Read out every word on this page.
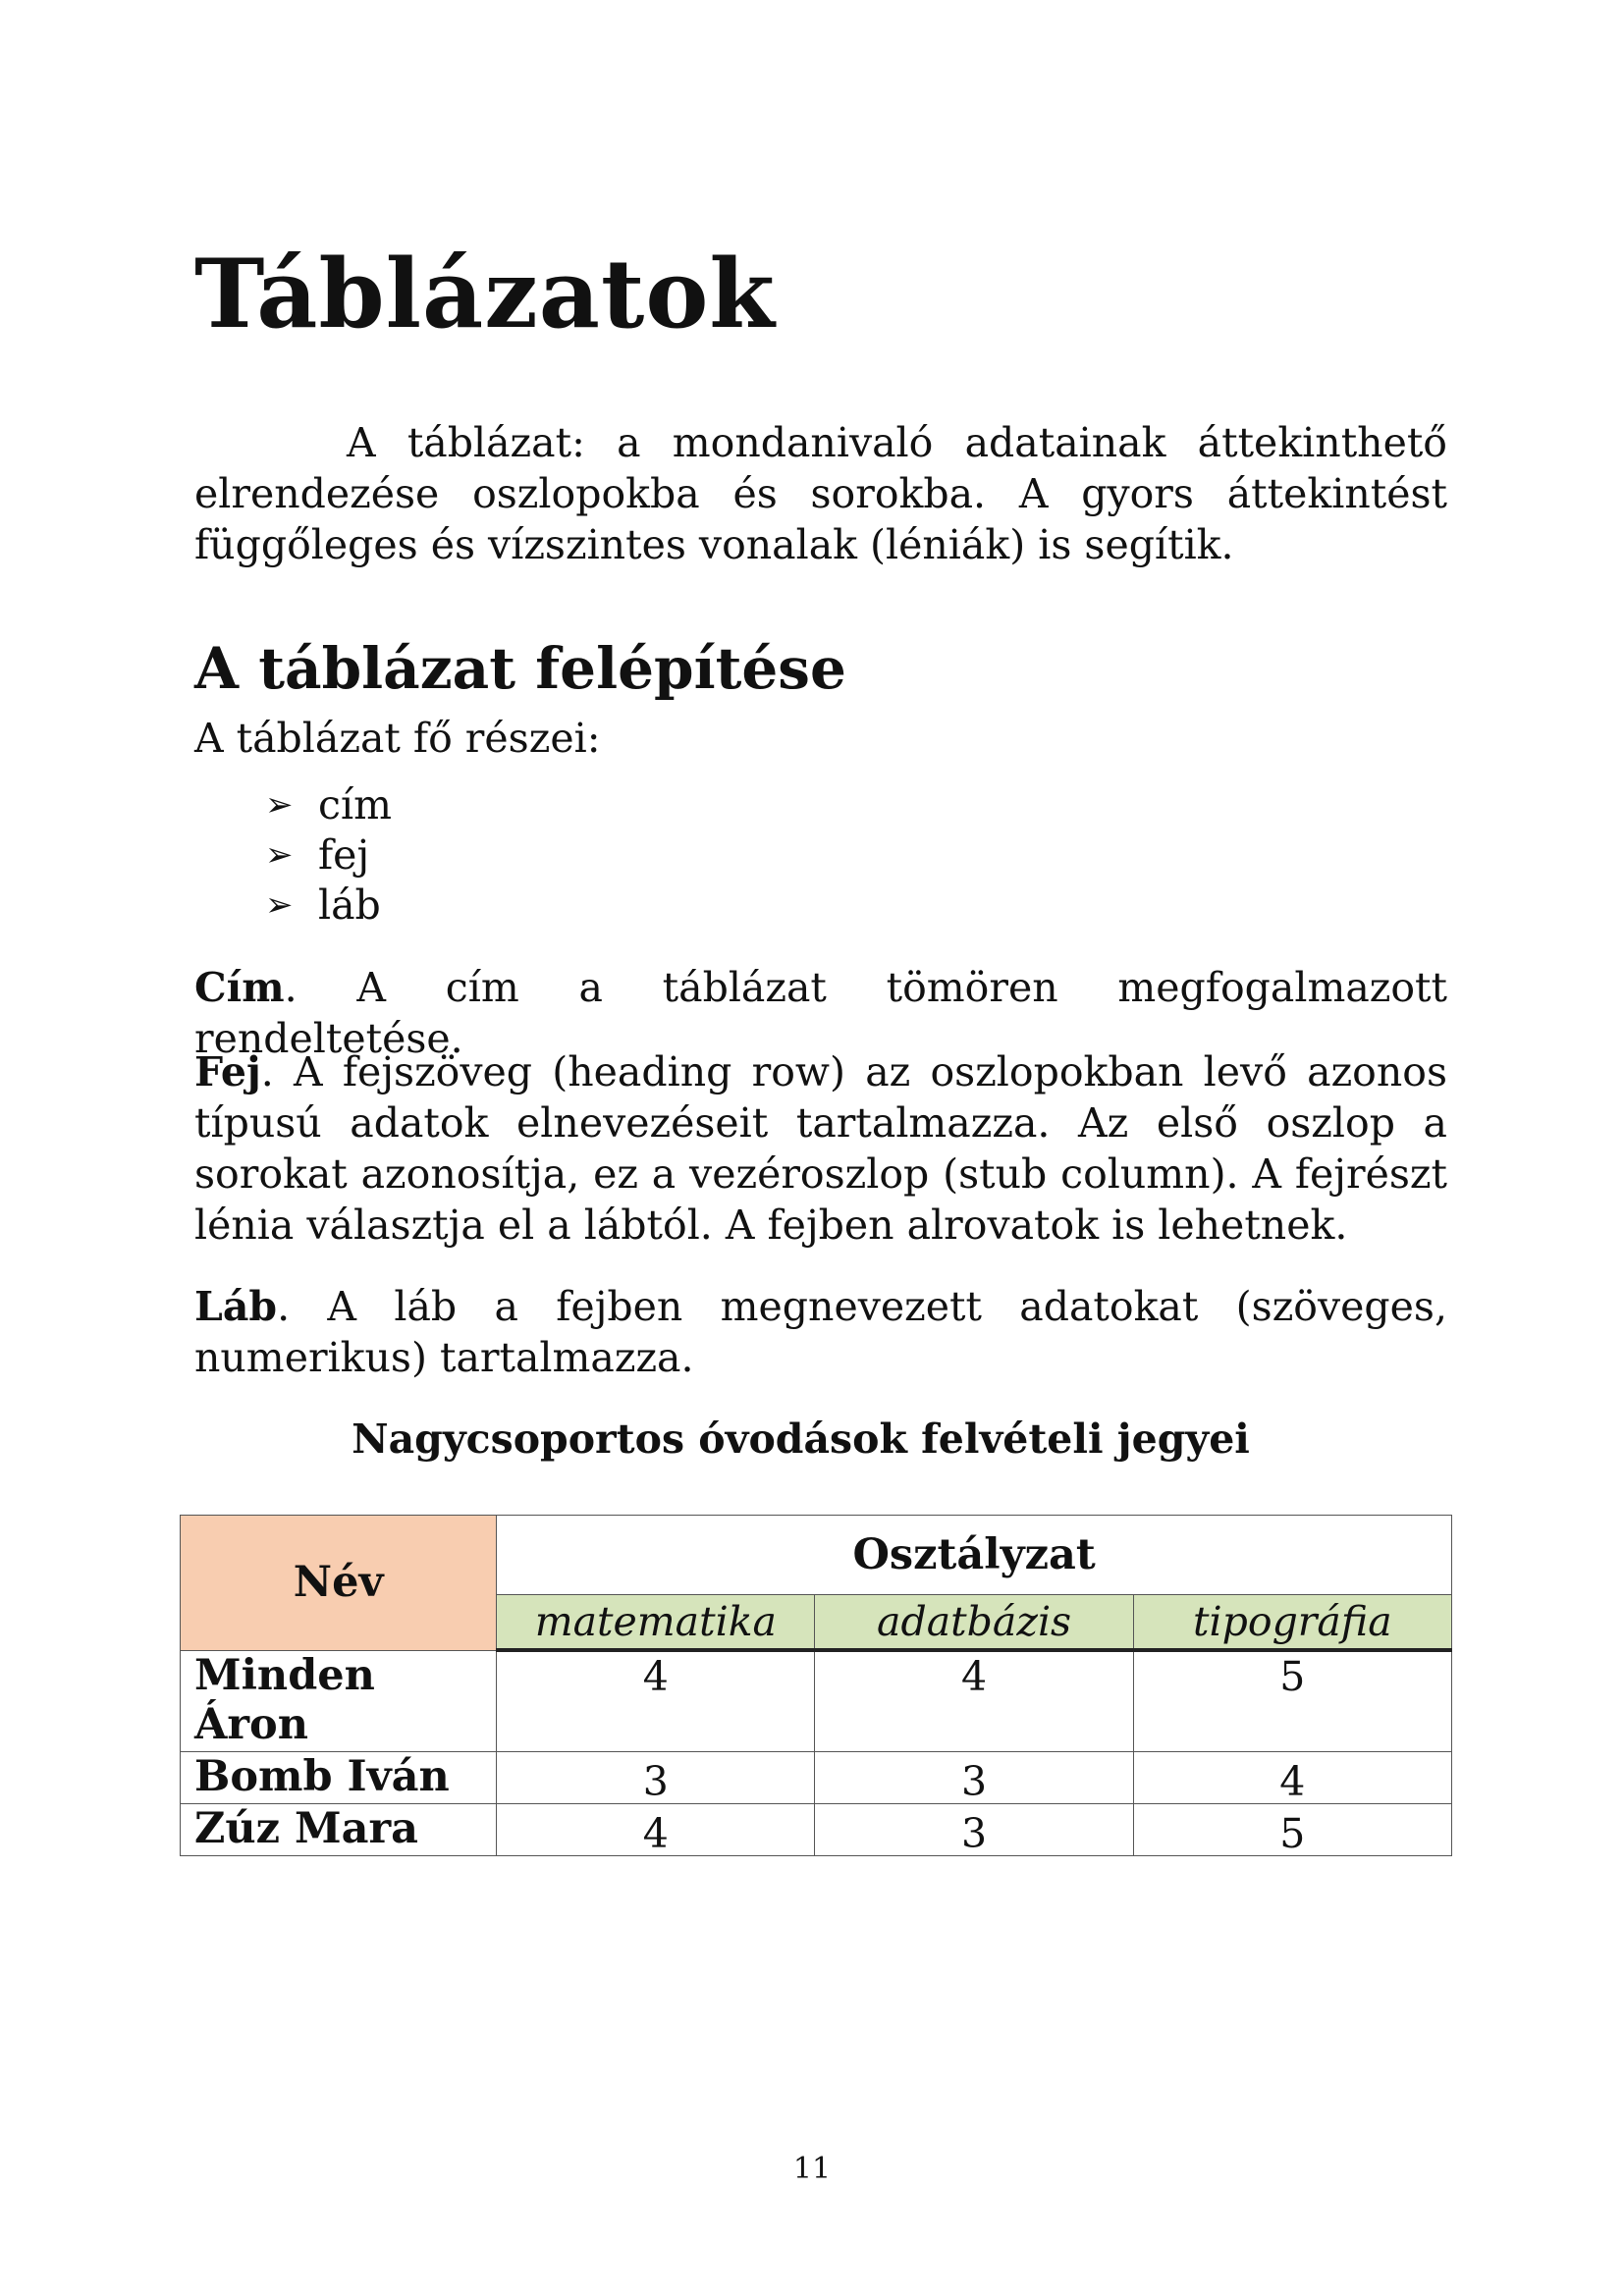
Táblázatok

A táblázat: a mondanivaló adatainak áttekinthető elrendezése oszlopokba és sorokba. A gyors áttekintést függőleges és vízszintes vonalak (léniák) is segítik.

A táblázat felépítése

A táblázat fő részei:

➢ cím
➢ fej
➢ láb

Cím. A cím a táblázat tömören megfogalmazott rendeltetése.

Fej. A fejszöveg (heading row) az oszlopokban levő azonos típusú adatok elnevezéseit tartalmazza. Az első oszlop a sorokat azonosítja, ez a vezéroszlop (stub column). A fejrészt lénia választja el a lábtól. A fejben alrovatok is lehetnek.

Láb. A láb a fejben megnevezett adatokat (szöveges, numerikus) tartalmazza.

Nagycsoportos óvodások felvételi jegyei

Név	Osztályzat		
	matematika	adatbázis	tipográfia
Minden Áron	4	4	5
Bomb Iván	3	3	4
Zúz Mara	4	3	5
11
